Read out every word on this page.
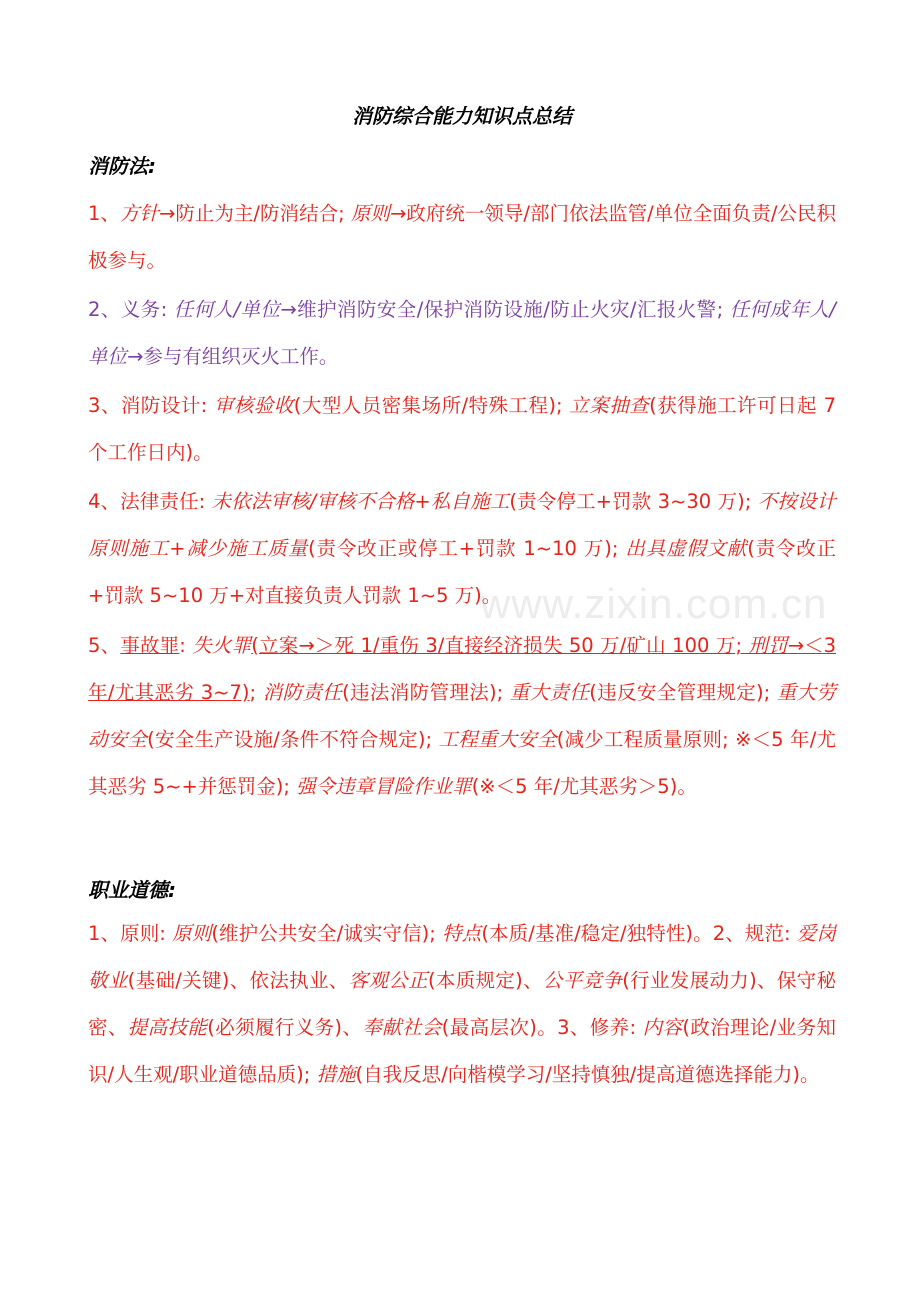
www.zixin.com.cn
消防综合能力知识点总结
消防法:
1、方针→防止为主/防消结合; 原则→政府统一领导/部门依法监管/单位全面负责/公民积极参与。
2、义务: 任何人/单位→维护消防安全/保护消防设施/防止火灾/汇报火警; 任何成年人/单位→参与有组织灭火工作。
3、消防设计: 审核验收(大型人员密集场所/特殊工程); 立案抽查(获得施工许可日起 7 个工作日内)。
4、法律责任: 未依法审核/审核不合格+私自施工(责令停工+罚款 3~30 万); 不按设计原则施工+减少施工质量(责令改正或停工+罚款 1~10 万); 出具虚假文献(责令改正+罚款 5~10 万+对直接负责人罚款 1~5 万)。
5、事故罪: 失火罪(立案→＞死 1/重伤 3/直接经济损失 50 万/矿山 100 万; 刑罚→＜3 年/尤其恶劣 3~7); 消防责任(违法消防管理法); 重大责任(违反安全管理规定); 重大劳动安全(安全生产设施/条件不符合规定); 工程重大安全(减少工程质量原则; ※＜5 年/尤其恶劣 5~+并惩罚金); 强令违章冒险作业罪(※＜5 年/尤其恶劣＞5)。
职业道德:
1、原则: 原则(维护公共安全/诚实守信); 特点(本质/基准/稳定/独特性)。2、规范: 爱岗敬业(基础/关键)、依法执业、客观公正(本质规定)、公平竞争(行业发展动力)、保守秘密、提高技能(必须履行义务)、奉献社会(最高层次)。3、修养: 内容(政治理论/业务知识/人生观/职业道德品质); 措施(自我反思/向楷模学习/坚持慎独/提高道德选择能力)。
